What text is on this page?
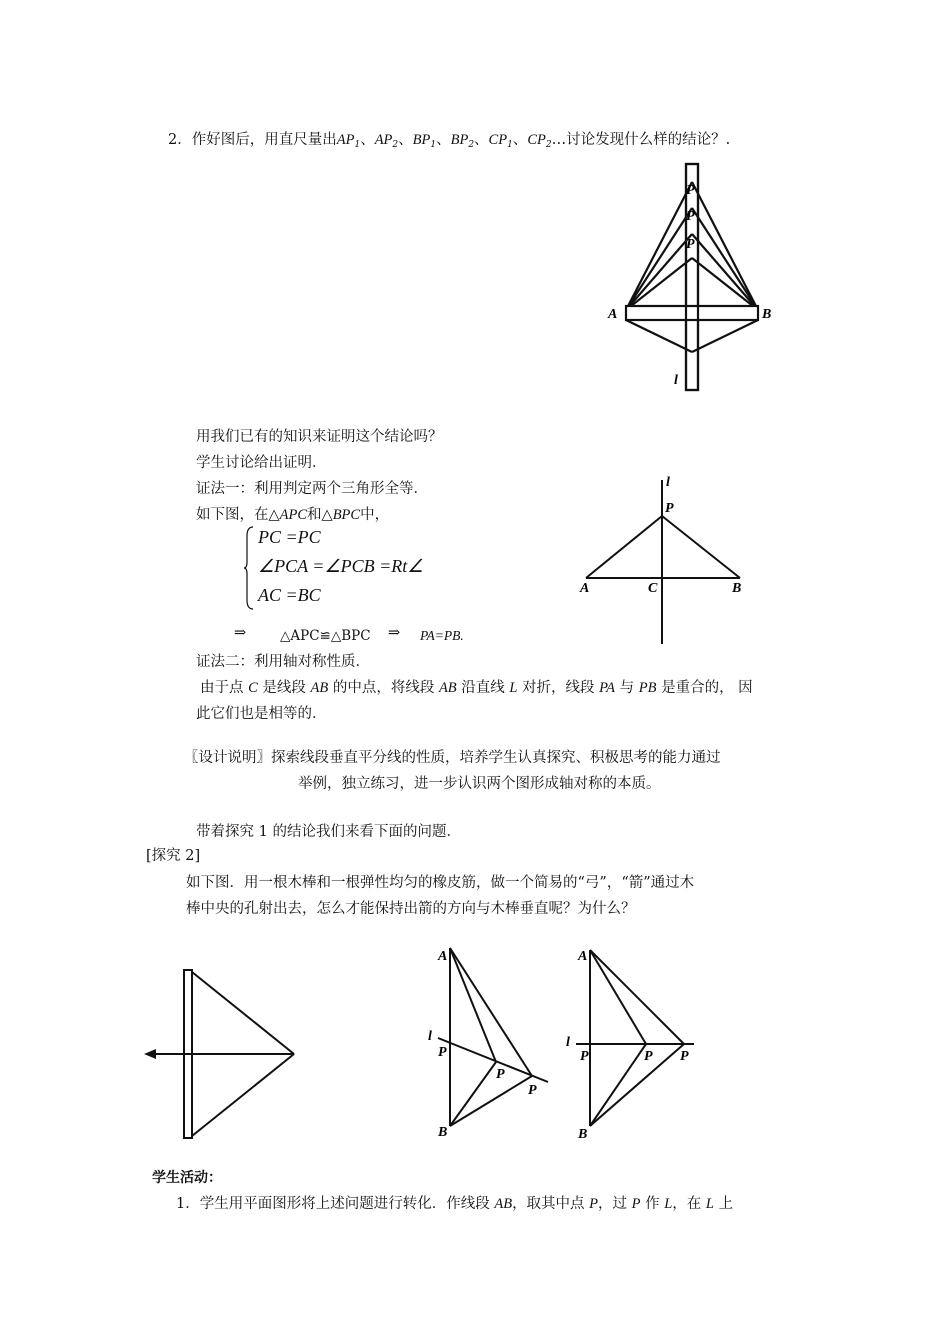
2．作好图后，用直尺量出$AP_1$、$AP_2$、$BP_1$、$BP_2$、$CP_1$、$CP_2\dots$讨论发现什么样的结论？.
A	B
l
P
P
P
用我们已有的知识来证明这个结论吗？
学生讨论给出证明．
证法一：利用判定两个三角形全等．
如下图，在△APC和△BPC中，
PC =PC
∠PCA =∠PCB =Rt∠
AC =BC
⇒	△APC≌△BPC ⇒ PA=PB.
l
P
A	C	B
证法二：利用轴对称性质．
由于点 C 是线段 AB 的中点，将线段 AB 沿直线 L 对折，线段 PA 与 PB 是重合的， 因
此它们也是相等的．
〖设计说明〗探索线段垂直平分线的性质，培养学生认真探究、积极思考的能力通过
举例，独立练习，进一步认识两个图形成轴对称的本质。
带着探究 1 的结论我们来看下面的问题．
[探究 2]
如下图．用一根木棒和一根弹性均匀的橡皮筋，做一个简易的“弓”，“箭”通过木
棒中央的孔射出去，怎么才能保持出箭的方向与木棒垂直呢？为什么？
A
B
l
P
P
P
A
B
l
P	P P
学生活动：
1．学生用平面图形将上述问题进行转化．作线段 AB，取其中点 P，过 P 作 L，在 L 上
